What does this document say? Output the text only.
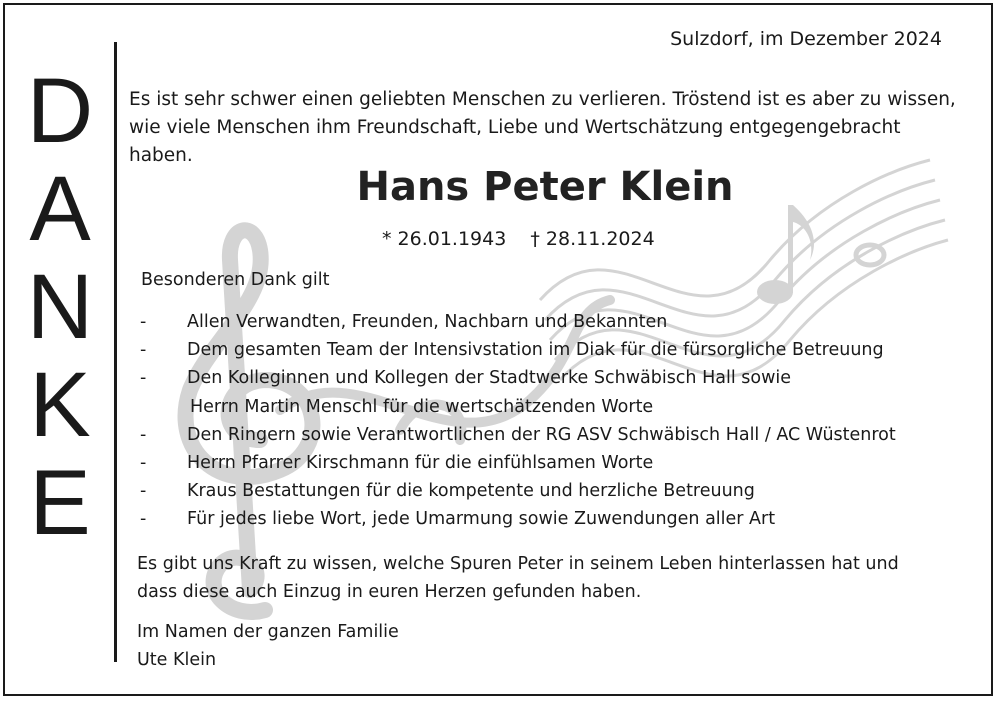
D
A
N
K
E
Sulzdorf, im Dezember 2024
Es ist sehr schwer einen geliebten Menschen zu verlieren. Tröstend ist es aber zu wissen,
wie viele Menschen ihm Freundschaft, Liebe und Wertschätzung entgegengebracht haben.
Hans Peter Klein
* 26.01.1943 † 28.11.2024
Besonderen Dank gilt
- Allen Verwandten, Freunden, Nachbarn und Bekannten
- Dem gesamten Team der Intensivstation im Diak für die fürsorgliche Betreuung
- Den Kolleginnen und Kollegen der Stadtwerke Schwäbisch Hall sowie
Herrn Martin Menschl für die wertschätzenden Worte
- Den Ringern sowie Verantwortlichen der RG ASV Schwäbisch Hall / AC Wüstenrot
- Herrn Pfarrer Kirschmann für die einfühlsamen Worte
- Kraus Bestattungen für die kompetente und herzliche Betreuung
- Für jedes liebe Wort, jede Umarmung sowie Zuwendungen aller Art
Es gibt uns Kraft zu wissen, welche Spuren Peter in seinem Leben hinterlassen hat und
dass diese auch Einzug in euren Herzen gefunden haben.
Im Namen der ganzen Familie
Ute Klein
